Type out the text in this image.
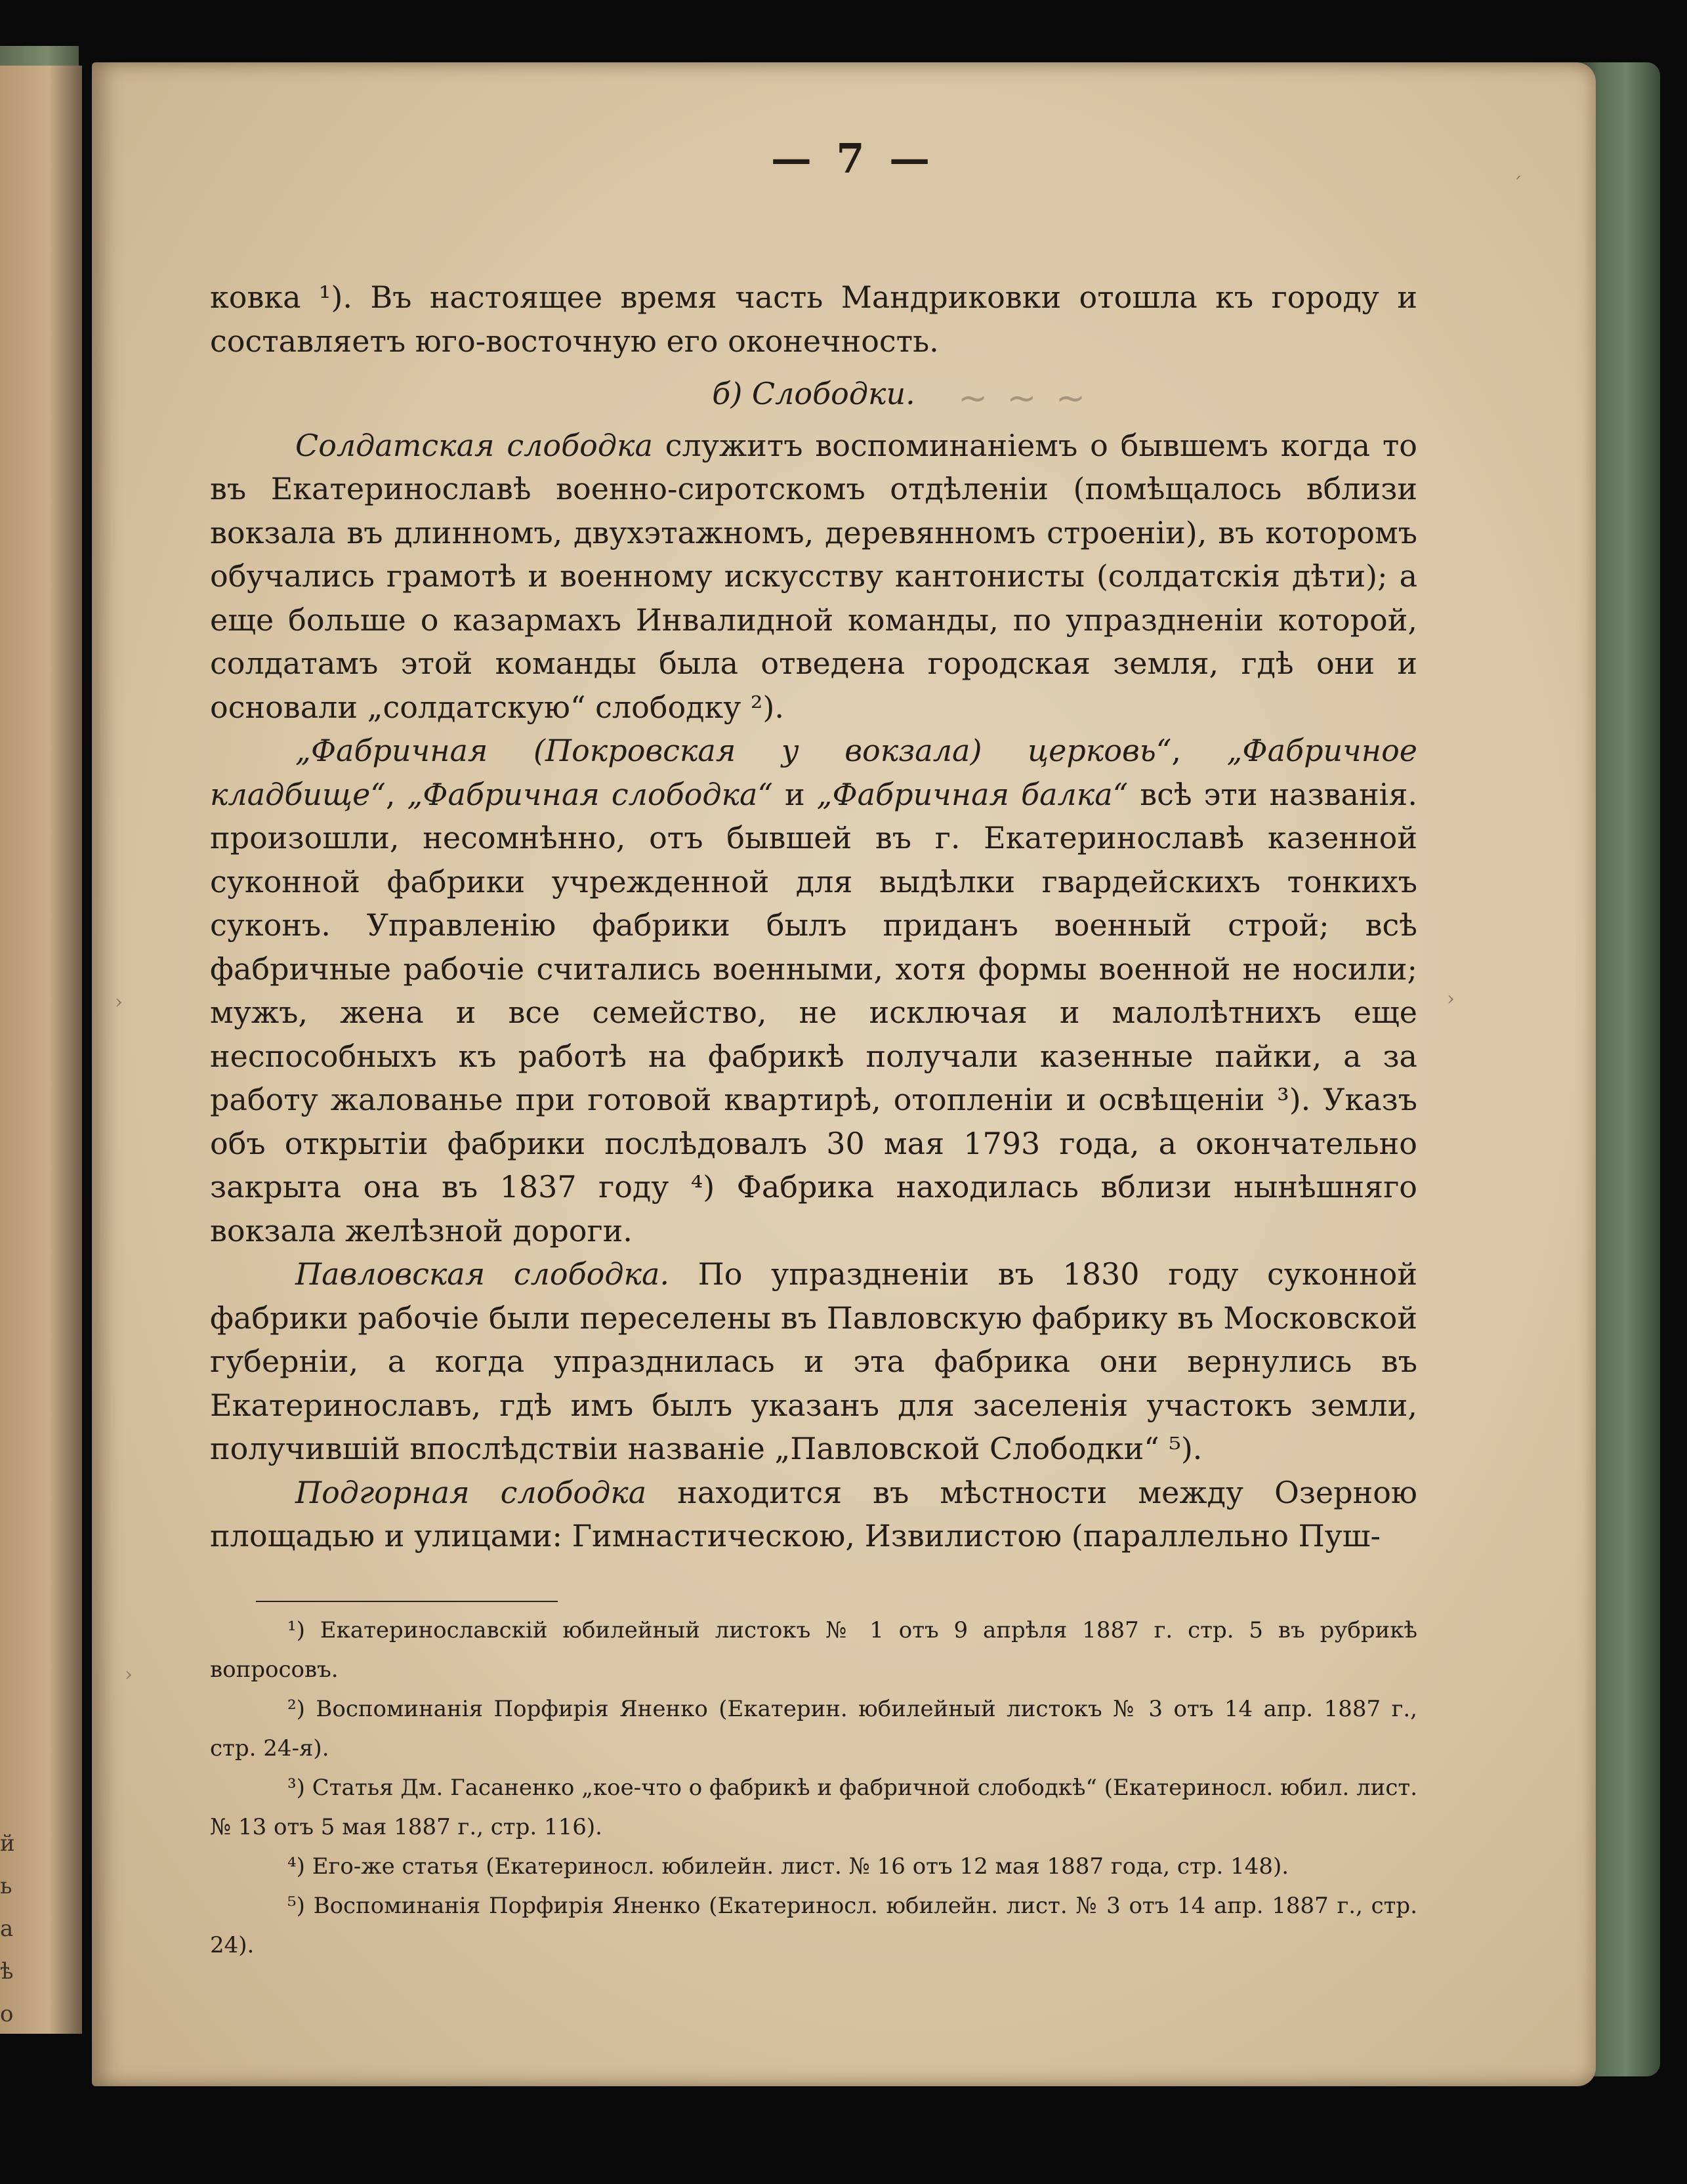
й
ь
а
ѣ
о
— 7 —
~ ~ ~

ковка ¹). Въ настоящее время часть Мандриковки отошла къ городу и составляетъ юго-восточную его оконечность.

б) Слободки.

Солдатская слободка служитъ воспоминаніемъ о бывшемъ когда то въ Екатеринославѣ военно-сиротскомъ отдѣленіи (помѣщалось вблизи вокзала въ длинномъ, двухэтажномъ, деревянномъ строеніи), въ которомъ обучались грамотѣ и военному искусству кантонисты (солдатскія дѣти); а еще больше о казармахъ Инвалидной команды, по упраздненіи которой, солдатамъ этой команды была отведена городская земля, гдѣ они и основали „солдатскую“ слободку ²).

„Фабричная (Покровская у вокзала) церковь“, „Фабричное кладбище“, „Фабричная слободка“ и „Фабричная балка“ всѣ эти названія. произошли, несомнѣнно, отъ бывшей въ г. Екатеринославѣ казенной суконной фабрики учрежденной для выдѣлки гвардейскихъ тонкихъ суконъ. Управленію фабрики былъ приданъ военный строй; всѣ фабричные рабочіе считались военными, хотя формы военной не носили; мужъ, жена и все семейство, не исключая и малолѣтнихъ еще неспособныхъ къ работѣ на фабрикѣ получали казенные пайки, а за работу жалованье при готовой квартирѣ, отопленіи и освѣщеніи ³). Указъ объ открытіи фабрики послѣдовалъ 30 мая 1793 года, а окончательно закрыта она въ 1837 году ⁴) Фабрика находилась вблизи нынѣшняго вокзала желѣзной дороги.

Павловская слободка. По упраздненіи въ 1830 году суконной фабрики рабочіе были переселены въ Павловскую фабрику въ Московской губерніи, а когда упразднилась и эта фабрика они вернулись въ Екатеринославъ, гдѣ имъ былъ указанъ для заселенія участокъ земли, получившій впослѣдствіи названіе „Павловской Слободки“ ⁵).

Подгорная слободка находится въ мѣстности между Озерною площадью и улицами: Гимнастическою, Извилистою (параллельно Пуш-

¹) Екатеринославскій юбилейный листокъ № 1 отъ 9 апрѣля 1887 г. стр. 5 въ рубрикѣ вопросовъ.

²) Воспоминанія Порфирія Яненко (Екатерин. юбилейный листокъ № 3 отъ 14 апр. 1887 г., стр. 24-я).

³) Статья Дм. Гасаненко „кое-что о фабрикѣ и фабричной слободкѣ“ (Екатериносл. юбил. лист. № 13 отъ 5 мая 1887 г., стр. 116).

⁴) Его-же статья (Екатериносл. юбилейн. лист. № 16 отъ 12 мая 1887 года, стр. 148).

⁵) Воспоминанія Порфирія Яненко (Екатериносл. юбилейн. лист. № 3 отъ 14 апр. 1887 г., стр. 24).

´
›
›
›
